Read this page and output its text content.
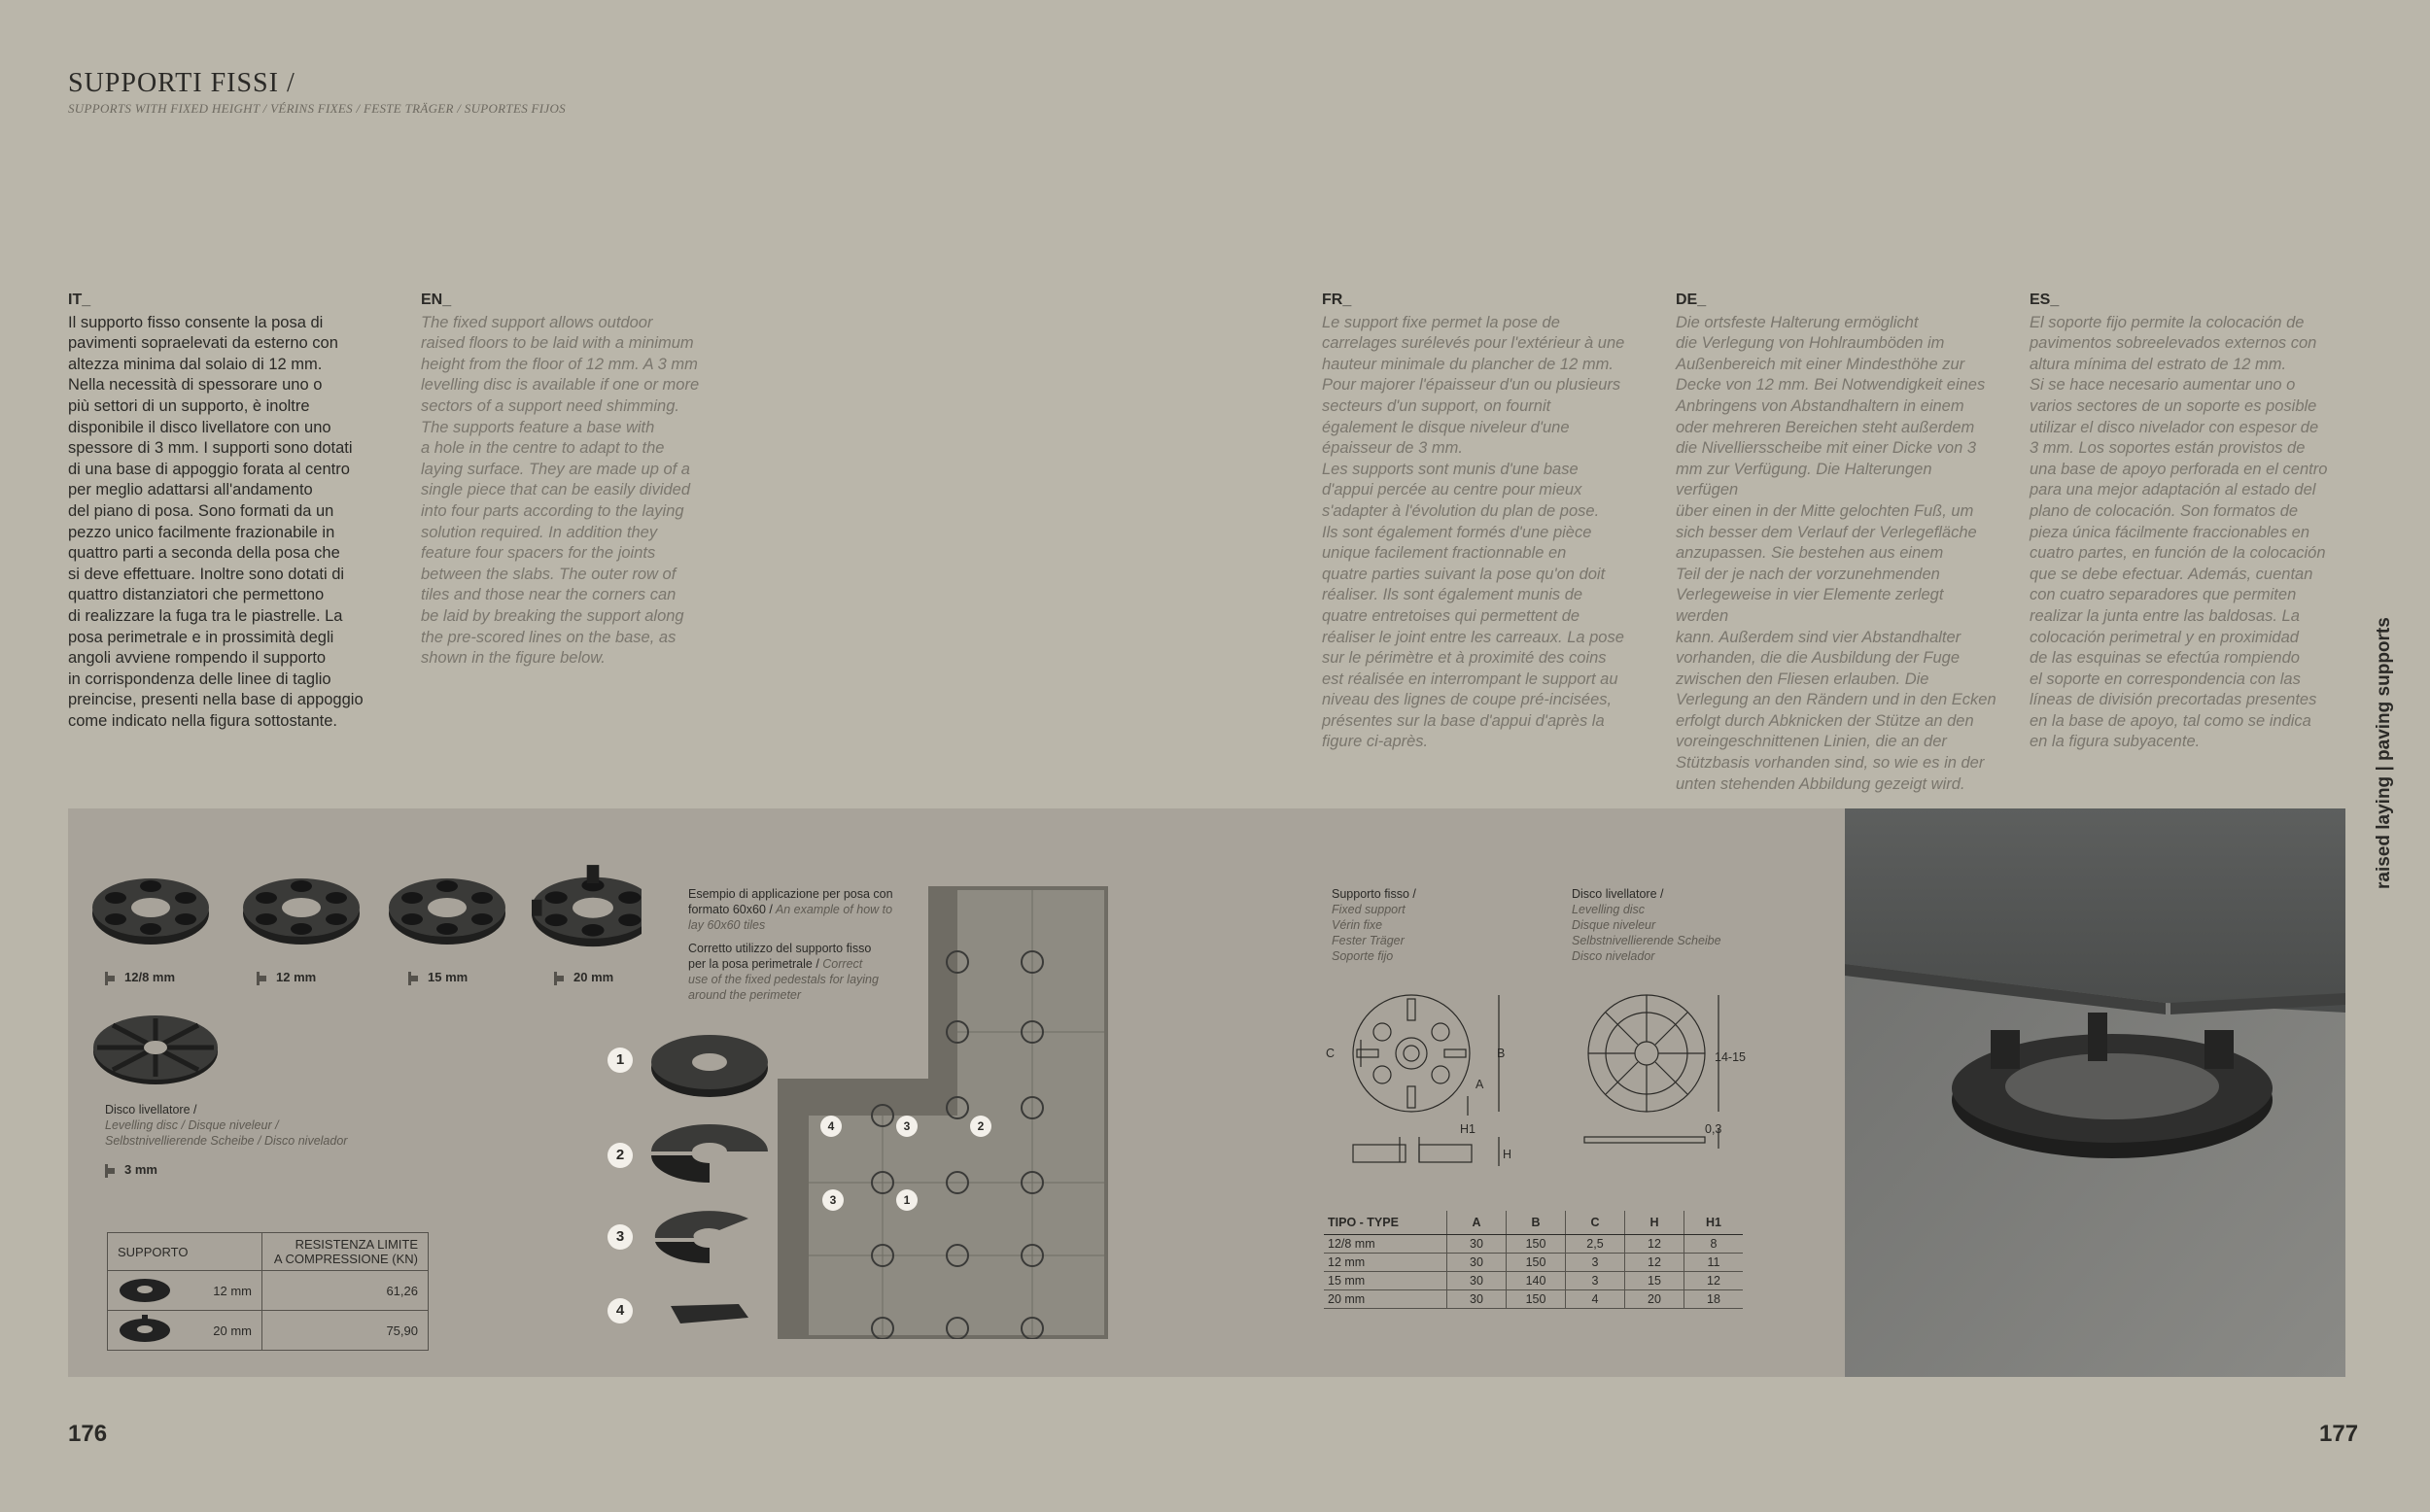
SUPPORTI FISSI /
SUPPORTS WITH FIXED HEIGHT / VÉRINS FIXES / FESTE TRÄGER / SUPORTES FIJOS
IT_
Il supporto fisso consente la posa di
pavimenti sopraelevati da esterno con
altezza minima dal solaio di 12 mm.
Nella necessità di spessorare uno o
più settori di un supporto, è inoltre
disponibile il disco livellatore con uno
spessore di 3 mm. I supporti sono dotati
di una base di appoggio forata al centro
per meglio adattarsi all'andamento
del piano di posa. Sono formati da un
pezzo unico facilmente frazionabile in
quattro parti a seconda della posa che
si deve effettuare. Inoltre sono dotati di
quattro distanziatori che permettono
di realizzare la fuga tra le piastrelle. La
posa perimetrale e in prossimità degli
angoli avviene rompendo il supporto
in corrispondenza delle linee di taglio
preincise, presenti nella base di appoggio
come indicato nella figura sottostante.
EN_
The fixed support allows outdoor
raised floors to be laid with a minimum
height from the floor of 12 mm. A 3 mm
levelling disc is available if one or more
sectors of a support need shimming.
The supports feature a base with
a hole in the centre to adapt to the
laying surface. They are made up of a
single piece that can be easily divided
into four parts according to the laying
solution required. In addition they
feature four spacers for the joints
between the slabs. The outer row of
tiles and those near the corners can
be laid by breaking the support along
the pre-scored lines on the base, as
shown in the figure below.
FR_
Le support fixe permet la pose de
carrelages surélevés pour l'extérieur à une
hauteur minimale du plancher de 12 mm.
Pour majorer l'épaisseur d'un ou plusieurs
secteurs d'un support, on fournit
également le disque niveleur d'une
épaisseur de 3 mm.
Les supports sont munis d'une base
d'appui percée au centre pour mieux
s'adapter à l'évolution du plan de pose.
Ils sont également formés d'une pièce
unique facilement fractionnable en
quatre parties suivant la pose qu'on doit
réaliser. Ils sont également munis de
quatre entretoises qui permettent de
réaliser le joint entre les carreaux. La pose
sur le périmètre et à proximité des coins
est réalisée en interrompant le support au
niveau des lignes de coupe pré-incisées,
présentes sur la base d'appui d'après la
figure ci-après.
DE_
Die ortsfeste Halterung ermöglicht
die Verlegung von Hohlraumböden im
Außenbereich mit einer Mindesthöhe zur
Decke von 12 mm. Bei Notwendigkeit eines
Anbringens von Abstandhaltern in einem
oder mehreren Bereichen steht außerdem
die Nivelliersscheibe mit einer Dicke von 3
mm zur Verfügung. Die Halterungen verfügen
über einen in der Mitte gelochten Fuß, um
sich besser dem Verlauf der Verlegefläche
anzupassen. Sie bestehen aus einem
Teil der je nach der vorzunehmenden
Verlegeweise in vier Elemente zerlegt werden
kann. Außerdem sind vier Abstandhalter
vorhanden, die die Ausbildung der Fuge
zwischen den Fliesen erlauben. Die
Verlegung an den Rändern und in den Ecken
erfolgt durch Abknicken der Stütze an den
voreingeschnittenen Linien, die an der
Stützbasis vorhanden sind, so wie es in der
unten stehenden Abbildung gezeigt wird.
ES_
El soporte fijo permite la colocación de
pavimentos sobreelevados externos con
altura mínima del estrato de 12 mm.
Si se hace necesario aumentar uno o
varios sectores de un soporte es posible
utilizar el disco nivelador con espesor de
3 mm. Los soportes están provistos de
una base de apoyo perforada en el centro
para una mejor adaptación al estado del
plano de colocación. Son formatos de
pieza única fácilmente fraccionables en
cuatro partes, en función de la colocación
que se debe efectuar. Además, cuentan
con cuatro separadores que permiten
realizar la junta entre las baldosas. La
colocación perimetral y en proximidad
de las esquinas se efectúa rompiendo
el soporte en correspondencia con las
líneas de división precortadas presentes
en la base de apoyo, tal como se indica
en la figura subyacente.	raised laying | paving supports
12/8 mm	12 mm	15 mm	20 mm
Disco livellatore /
Levelling disc / Disque niveleur /
Selbstnivellierende Scheibe / Disco nivelador
3 mm
SUPPORTO		RESISTENZA LIMITE
A COMPRESSIONE (KN)

	12 mm	61,26
	20 mm	75,90
Esempio di applicazione per posa con
formato 60x60 / An example of how to
lay 60x60 tiles
Corretto utilizzo del supporto fisso
per la posa perimetrale / Correct
use of the fixed pedestals for laying
around the perimeter
1
2
3
4
4	3	2
3	1
Supporto fisso /
Fixed support
Vérin fixe
Fester Träger
Soporte fijo
Disco livellatore /
Levelling disc
Disque niveleur
Selbstnivellierende Scheibe
Disco nivelador
C	B
A
H1
H
14-15
0,3
TIPO - TYPE	A	B	C	H	H1
12/8 mm	30	150	2,5	12	8
12 mm	30	150	3	12	11
15 mm	30	140	3	15	12
20 mm	30	150	4	20	18
176	177
